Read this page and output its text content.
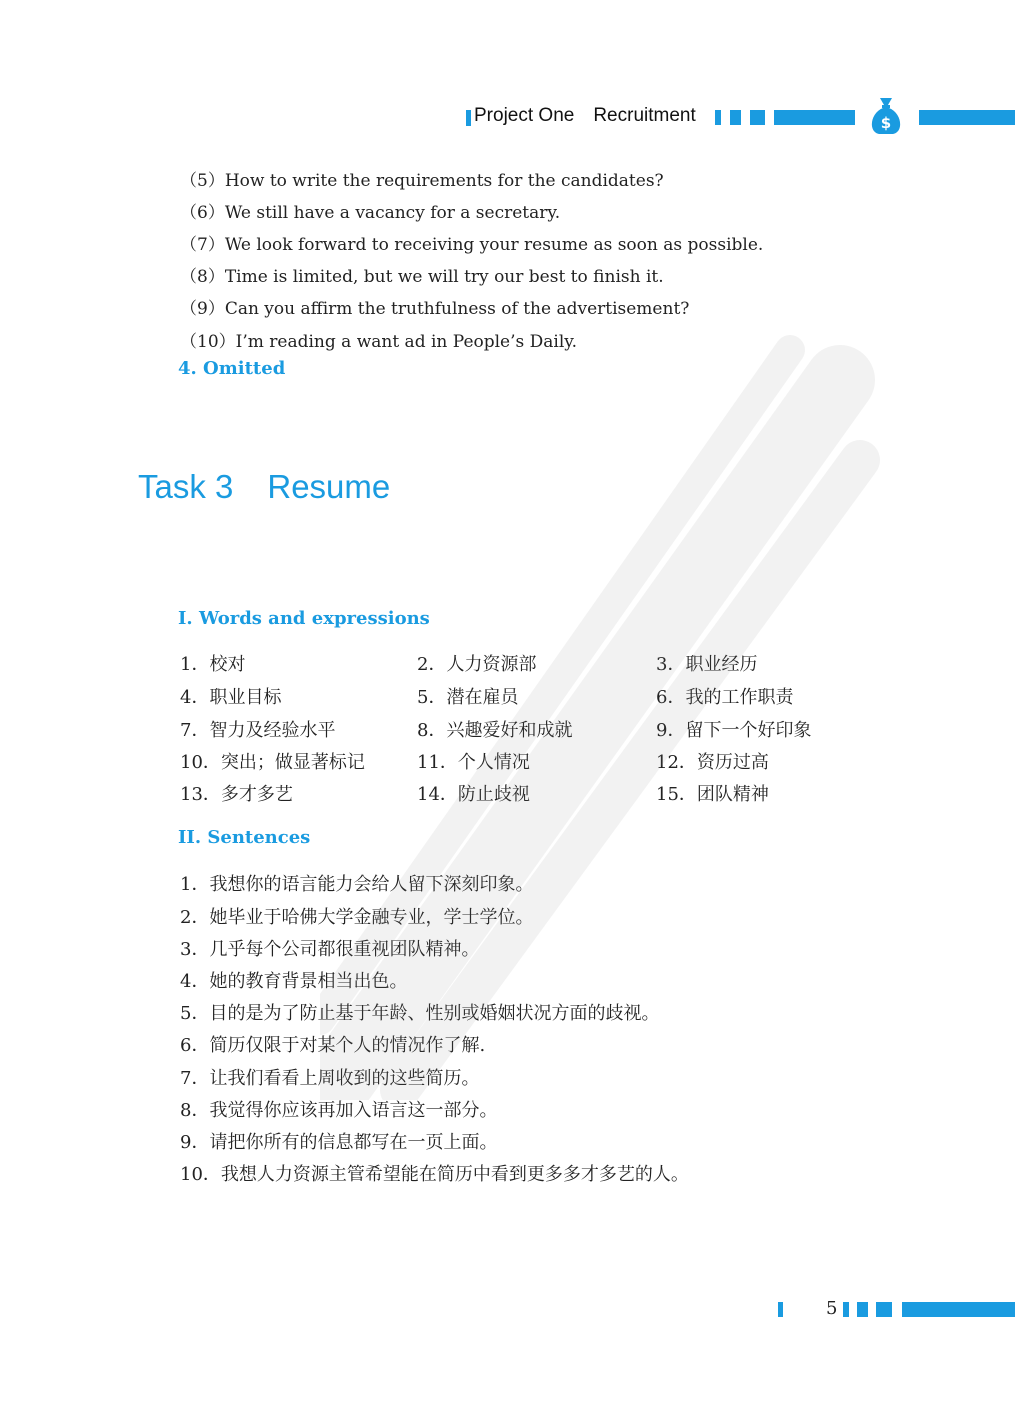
Project One Recruitment	$
（5）How to write the requirements for the candidates?
（6）We still have a vacancy for a secretary.
（7）We look forward to receiving your resume as soon as possible.
（8）Time is limited, but we will try our best to finish it.
（9）Can you affirm the truthfulness of the advertisement?
（10）I’m reading a want ad in People’s Daily.
4. Omitted
Task 3 Resume
I. Words and expressions
1．校对	2．人力资源部	3．职业经历
4．职业目标	5．潜在雇员	6．我的工作职责
7．智力及经验水平	8．兴趣爱好和成就	9．留下一个好印象
10．突出；做显著标记	11．个人情况	12．资历过高
13．多才多艺	14．防止歧视	15．团队精神
II. Sentences
1．我想你的语言能力会给人留下深刻印象。
2．她毕业于哈佛大学金融专业，学士学位。
3．几乎每个公司都很重视团队精神。
4．她的教育背景相当出色。
5．目的是为了防止基于年龄、性别或婚姻状况方面的歧视。
6．简历仅限于对某个人的情况作了解.
7．让我们看看上周收到的这些简历。
8．我觉得你应该再加入语言这一部分。
9．请把你所有的信息都写在一页上面。
10．我想人力资源主管希望能在简历中看到更多多才多艺的人。
5
